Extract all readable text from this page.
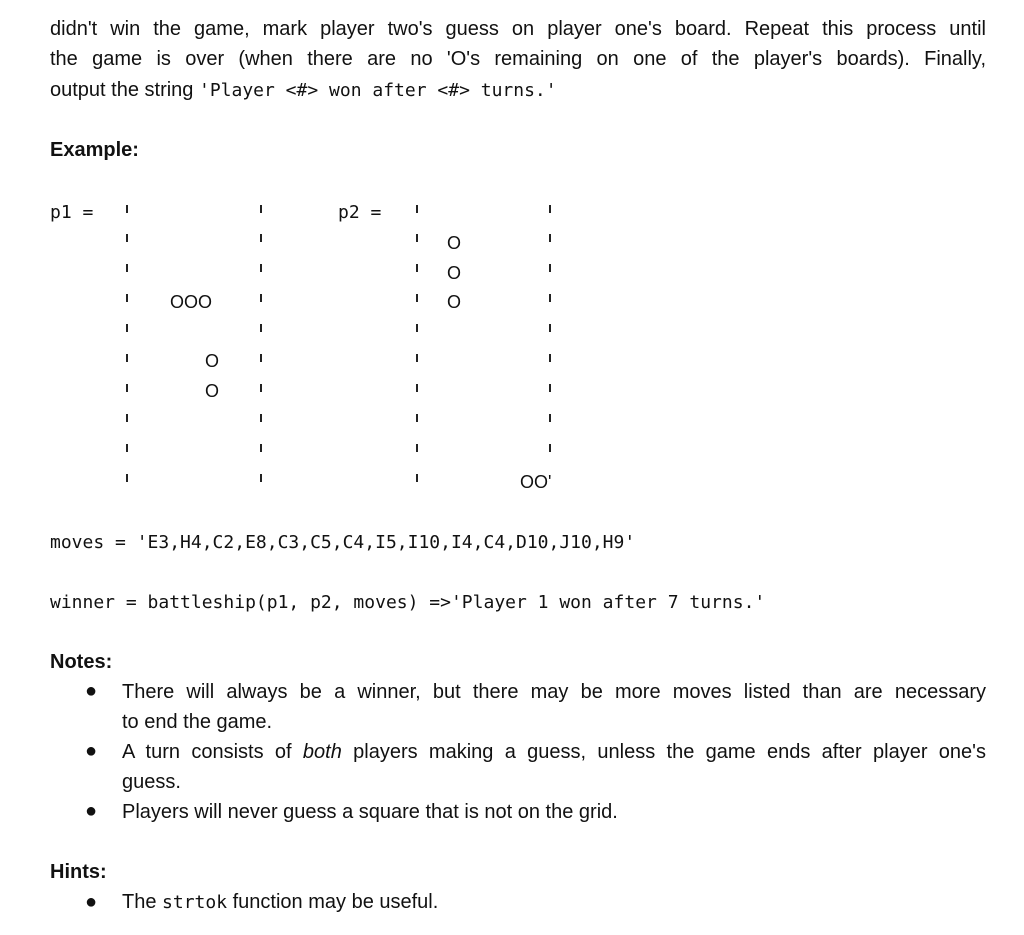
didn't win the game, mark player two's guess on player one's board. Repeat this process until
the game is over (when there are no 'O's remaining on one of the player's boards). Finally,
output the string 'Player <#> won after <#> turns.'
Example:
p1 =	p2 =
OOO
O
O
O
O
O
OO'
moves = 'E3,H4,C2,E8,C3,C5,C4,I5,I10,I4,C4,D10,J10,H9'
winner = battleship(p1, p2, moves) =>'Player 1 won after 7 turns.'
Notes:
● There will always be a winner, but there may be more moves listed than are necessary
to end the game.
● A turn consists of both players making a guess, unless the game ends after player one's
guess.
● Players will never guess a square that is not on the grid.
Hints:
● The strtok function may be useful.
